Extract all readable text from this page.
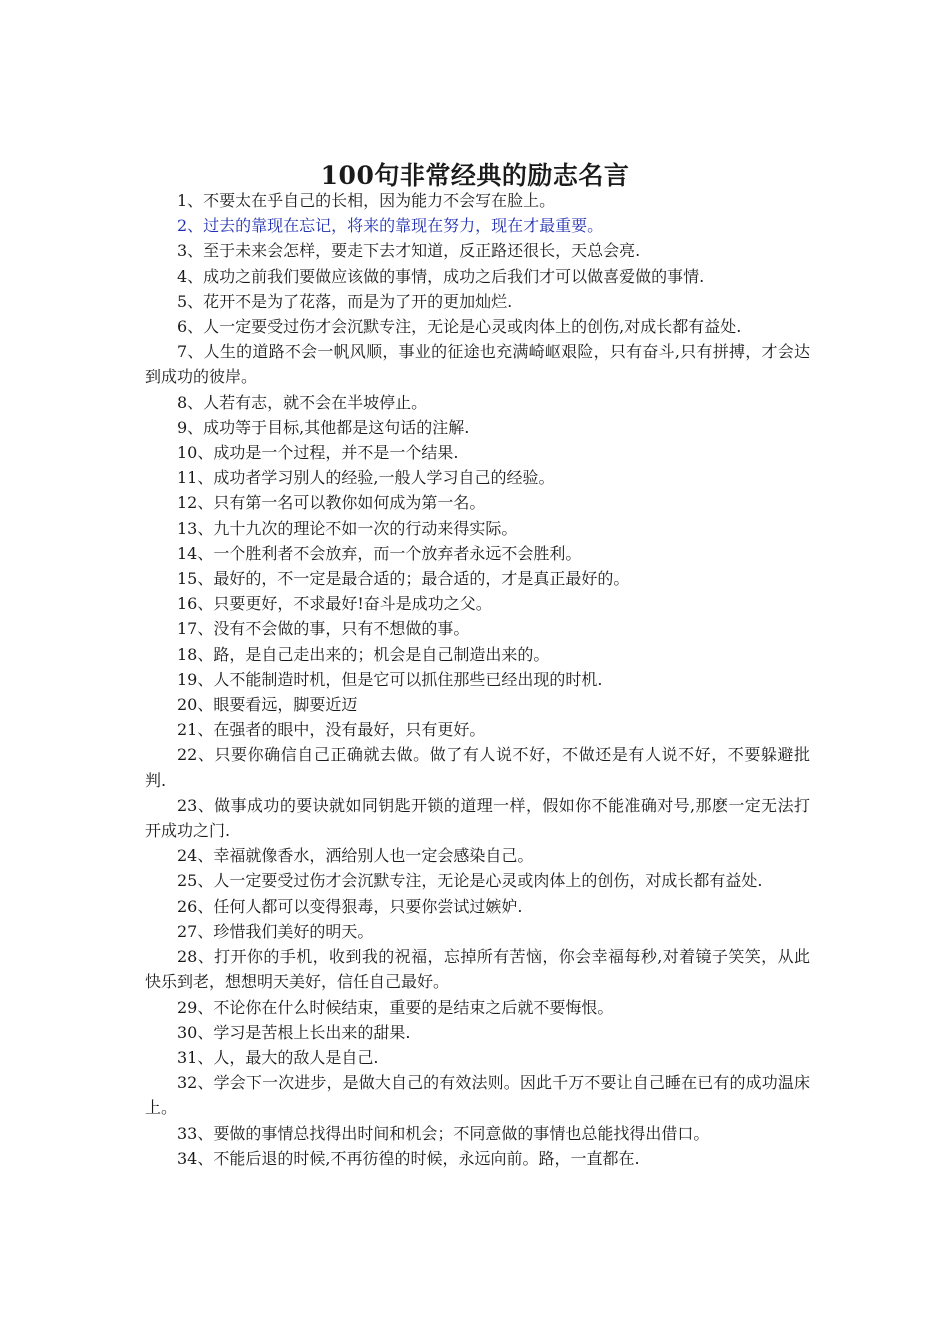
100句非常经典的励志名言

1、不要太在乎自己的长相，因为能力不会写在脸上。

2、过去的靠现在忘记，将来的靠现在努力，现在才最重要。

3、至于未来会怎样，要走下去才知道，反正路还很长，天总会亮.

4、成功之前我们要做应该做的事情，成功之后我们才可以做喜爱做的事情.

5、花开不是为了花落，而是为了开的更加灿烂.

6、人一定要受过伤才会沉默专注，无论是心灵或肉体上的创伤,对成长都有益处.

7、人生的道路不会一帆风顺，事业的征途也充满崎岖艰险，只有奋斗,只有拼搏，才会达到成功的彼岸。

8、人若有志，就不会在半坡停止。

9、成功等于目标,其他都是这句话的注解.

10、成功是一个过程，并不是一个结果.

11、成功者学习别人的经验,一般人学习自己的经验。

12、只有第一名可以教你如何成为第一名。

13、九十九次的理论不如一次的行动来得实际。

14、一个胜利者不会放弃，而一个放弃者永远不会胜利。

15、最好的，不一定是最合适的；最合适的，才是真正最好的。

16、只要更好，不求最好!奋斗是成功之父。

17、没有不会做的事，只有不想做的事。

18、路，是自己走出来的；机会是自己制造出来的。

19、人不能制造时机，但是它可以抓住那些已经出现的时机.

20、眼要看远，脚要近迈

21、在强者的眼中，没有最好，只有更好。

22、只要你确信自己正确就去做。做了有人说不好，不做还是有人说不好，不要躲避批判.

23、做事成功的要诀就如同钥匙开锁的道理一样，假如你不能准确对号,那麽一定无法打开成功之门.

24、幸福就像香水，洒给别人也一定会感染自己。

25、人一定要受过伤才会沉默专注，无论是心灵或肉体上的创伤，对成长都有益处.

26、任何人都可以变得狠毒，只要你尝试过嫉妒.

27、珍惜我们美好的明天。

28、打开你的手机，收到我的祝福，忘掉所有苦恼，你会幸福每秒,对着镜子笑笑，从此快乐到老，想想明天美好，信任自己最好。

29、不论你在什么时候结束，重要的是结束之后就不要悔恨。

30、学习是苦根上长出来的甜果.

31、人，最大的敌人是自己.

32、学会下一次进步，是做大自己的有效法则。因此千万不要让自己睡在已有的成功温床上。

33、要做的事情总找得出时间和机会；不同意做的事情也总能找得出借口。

34、不能后退的时候,不再彷徨的时候，永远向前。路，一直都在.
